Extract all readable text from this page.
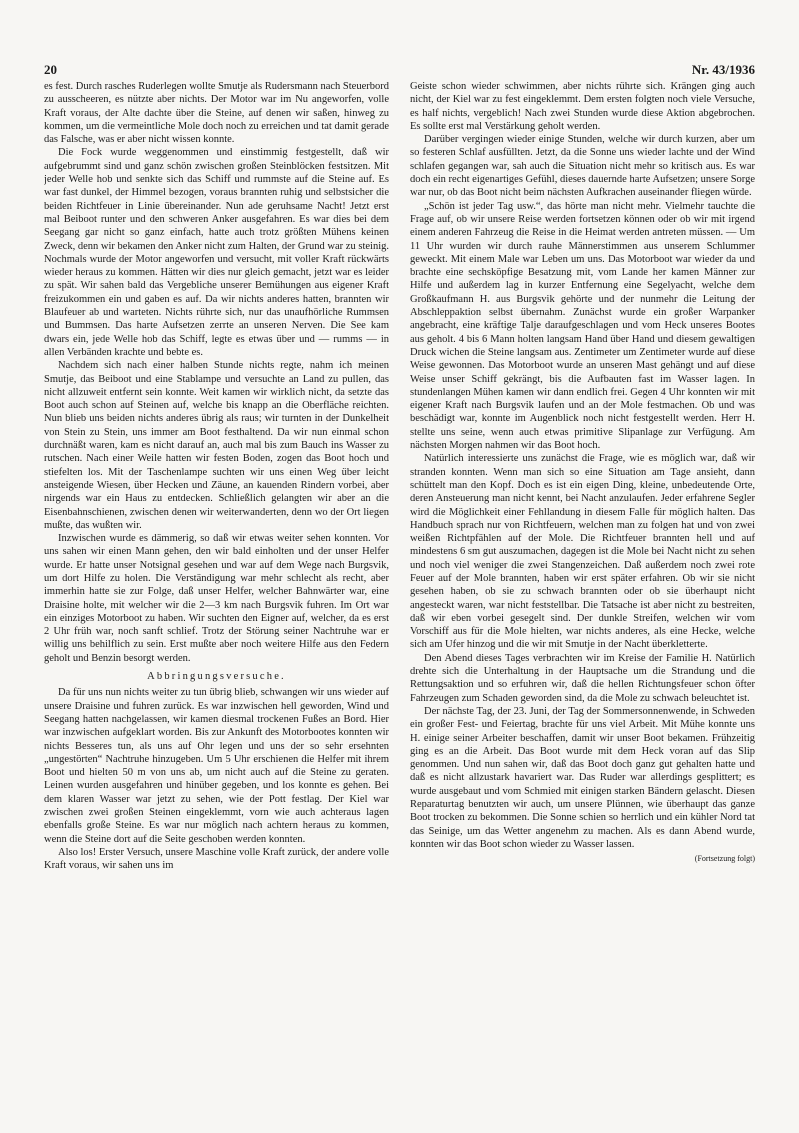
20	Nr. 43/1936

es fest. Durch rasches Ruderlegen wollte Smutje als Rudersmann nach Steuerbord zu ausscheeren, es nützte aber nichts. Der Motor war im Nu angeworfen, volle Kraft voraus, der Alte dachte über die Steine, auf denen wir saßen, hinweg zu kommen, um die vermeintliche Mole doch noch zu erreichen und tat damit gerade das Falsche, was er aber nicht wissen konnte.

Die Fock wurde weggenommen und einstimmig festgestellt, daß wir aufgebrummt sind und ganz schön zwischen großen Steinblöcken festsitzen. Mit jeder Welle hob und senkte sich das Schiff und rummste auf die Steine auf. Es war fast dunkel, der Himmel bezogen, voraus brannten ruhig und selbstsicher die beiden Richtfeuer in Linie übereinander. Nun ade geruhsame Nacht! Jetzt erst mal Beiboot runter und den schweren Anker ausgefahren. Es war dies bei dem Seegang gar nicht so ganz einfach, hatte auch trotz größten Mühens keinen Zweck, denn wir bekamen den Anker nicht zum Halten, der Grund war zu steinig. Nochmals wurde der Motor angeworfen und versucht, mit voller Kraft rückwärts wieder heraus zu kommen. Hätten wir dies nur gleich gemacht, jetzt war es leider zu spät. Wir sahen bald das Vergebliche unserer Bemühungen aus eigener Kraft freizukommen ein und gaben es auf. Da wir nichts anderes hatten, brannten wir Blaufeuer ab und warteten. Nichts rührte sich, nur das unaufhörliche Rummsen und Bummsen. Das harte Aufsetzen zerrte an unseren Nerven. Die See kam dwars ein, jede Welle hob das Schiff, legte es etwas über und — rumms — in allen Verbänden krachte und bebte es.

Nachdem sich nach einer halben Stunde nichts regte, nahm ich meinen Smutje, das Beiboot und eine Stablampe und versuchte an Land zu pullen, das nicht allzuweit entfernt sein konnte. Weit kamen wir wirklich nicht, da setzte das Boot auch schon auf Steinen auf, welche bis knapp an die Oberfläche reichten. Nun blieb uns beiden nichts anderes übrig als raus; wir turnten in der Dunkelheit von Stein zu Stein, uns immer am Boot festhaltend. Da wir nun einmal schon durchnäßt waren, kam es nicht darauf an, auch mal bis zum Bauch ins Wasser zu rutschen. Nach einer Weile hatten wir festen Boden, zogen das Boot hoch und stiefelten los. Mit der Taschenlampe suchten wir uns einen Weg über leicht ansteigende Wiesen, über Hecken und Zäune, an kauenden Rindern vorbei, aber nirgends war ein Haus zu entdecken. Schließlich gelangten wir aber an die Eisenbahnschienen, zwischen denen wir weiterwanderten, denn wo der Ort liegen mußte, das wußten wir.

Inzwischen wurde es dämmerig, so daß wir etwas weiter sehen konnten. Vor uns sahen wir einen Mann gehen, den wir bald einholten und der unser Helfer wurde. Er hatte unser Notsignal gesehen und war auf dem Wege nach Burgsvik, um dort Hilfe zu holen. Die Verständigung war mehr schlecht als recht, aber immerhin hatte sie zur Folge, daß unser Helfer, welcher Bahnwärter war, eine Draisine holte, mit welcher wir die 2—3 km nach Burgsvik fuhren. Im Ort war ein einziges Motorboot zu haben. Wir suchten den Eigner auf, welcher, da es erst 2 Uhr früh war, noch sanft schlief. Trotz der Störung seiner Nachtruhe war er willig uns behilflich zu sein. Erst mußte aber noch weitere Hilfe aus den Federn geholt und Benzin besorgt werden.

Abbringungsversuche.

Da für uns nun nichts weiter zu tun übrig blieb, schwangen wir uns wieder auf unsere Draisine und fuhren zurück. Es war inzwischen hell geworden, Wind und Seegang hatten nachgelassen, wir kamen diesmal trockenen Fußes an Bord. Hier war inzwischen aufgeklart worden. Bis zur Ankunft des Motorbootes konnten wir nichts Besseres tun, als uns auf Ohr legen und uns der so sehr ersehnten „ungestörten“ Nachtruhe hinzugeben. Um 5 Uhr erschienen die Helfer mit ihrem Boot und hielten 50 m von uns ab, um nicht auch auf die Steine zu geraten. Leinen wurden ausgefahren und hinüber gegeben, und los konnte es gehen. Bei dem klaren Wasser war jetzt zu sehen, wie der Pott festlag. Der Kiel war zwischen zwei großen Steinen eingeklemmt, vorn wie auch achteraus lagen ebenfalls große Steine. Es war nur möglich nach achtern heraus zu kommen, wenn die Steine dort auf die Seite geschoben werden konnten.

Also los! Erster Versuch, unsere Maschine volle Kraft zurück, der andere volle Kraft voraus, wir sahen uns im

Geiste schon wieder schwimmen, aber nichts rührte sich. Krängen ging auch nicht, der Kiel war zu fest eingeklemmt. Dem ersten folgten noch viele Versuche, es half nichts, vergeblich! Nach zwei Stunden wurde diese Aktion abgebrochen. Es sollte erst mal Verstärkung geholt werden.

Darüber vergingen wieder einige Stunden, welche wir durch kurzen, aber um so festeren Schlaf ausfüllten. Jetzt, da die Sonne uns wieder lachte und der Wind schlafen gegangen war, sah auch die Situation nicht mehr so kritisch aus. Es war doch ein recht eigenartiges Gefühl, dieses dauernde harte Aufsetzen; unsere Sorge war nur, ob das Boot nicht beim nächsten Aufkrachen auseinander fliegen würde.

„Schön ist jeder Tag usw.“, das hörte man nicht mehr. Vielmehr tauchte die Frage auf, ob wir unsere Reise werden fortsetzen können oder ob wir mit irgend einem anderen Fahrzeug die Reise in die Heimat werden antreten müssen. — Um 11 Uhr wurden wir durch rauhe Männerstimmen aus unserem Schlummer geweckt. Mit einem Male war Leben um uns. Das Motorboot war wieder da und brachte eine sechsköpfige Besatzung mit, vom Lande her kamen Männer zur Hilfe und außerdem lag in kurzer Entfernung eine Segelyacht, welche dem Großkaufmann H. aus Burgsvik gehörte und der nunmehr die Leitung der Abschleppaktion selbst übernahm. Zunächst wurde ein großer Warpanker angebracht, eine kräftige Talje daraufgeschlagen und vom Heck unseres Bootes aus geholt. 4 bis 6 Mann holten langsam Hand über Hand und diesem gewaltigen Druck wichen die Steine langsam aus. Zentimeter um Zentimeter wurde auf diese Weise gewonnen. Das Motorboot wurde an unseren Mast gehängt und auf diese Weise unser Schiff gekrängt, bis die Aufbauten fast im Wasser lagen. In stundenlangen Mühen kamen wir dann endlich frei. Gegen 4 Uhr konnten wir mit eigener Kraft nach Burgsvik laufen und an der Mole festmachen. Ob und was beschädigt war, konnte im Augenblick noch nicht festgestellt werden. Herr H. stellte uns seine, wenn auch etwas primitive Slipanlage zur Verfügung. Am nächsten Morgen nahmen wir das Boot hoch.

Natürlich interessierte uns zunächst die Frage, wie es möglich war, daß wir stranden konnten. Wenn man sich so eine Situation am Tage ansieht, dann schüttelt man den Kopf. Doch es ist ein eigen Ding, kleine, unbedeutende Orte, deren Ansteuerung man nicht kennt, bei Nacht anzulaufen. Jeder erfahrene Segler wird die Möglichkeit einer Fehllandung in diesem Falle für möglich halten. Das Handbuch sprach nur von Richtfeuern, welchen man zu folgen hat und von zwei weißen Richtpfählen auf der Mole. Die Richtfeuer brannten hell und auf mindestens 6 sm gut auszumachen, dagegen ist die Mole bei Nacht nicht zu sehen und noch viel weniger die zwei Stangenzeichen. Daß außerdem noch zwei rote Feuer auf der Mole brannten, haben wir erst später erfahren. Ob wir sie nicht gesehen haben, ob sie zu schwach brannten oder ob sie überhaupt nicht angesteckt waren, war nicht feststellbar. Die Tatsache ist aber nicht zu bestreiten, daß wir eben vorbei gesegelt sind. Der dunkle Streifen, welchen wir vom Vorschiff aus für die Mole hielten, war nichts anderes, als eine Hecke, welche sich am Ufer hinzog und die wir mit Smutje in der Nacht überkletterte.

Den Abend dieses Tages verbrachten wir im Kreise der Familie H. Natürlich drehte sich die Unterhaltung in der Hauptsache um die Strandung und die Rettungsaktion und so erfuhren wir, daß die hellen Richtungsfeuer schon öfter Fahrzeugen zum Schaden geworden sind, da die Mole zu schwach beleuchtet ist.

Der nächste Tag, der 23. Juni, der Tag der Sommersonnenwende, in Schweden ein großer Fest- und Feiertag, brachte für uns viel Arbeit. Mit Mühe konnte uns H. einige seiner Arbeiter beschaffen, damit wir unser Boot bekamen. Frühzeitig ging es an die Arbeit. Das Boot wurde mit dem Heck voran auf das Slip genommen. Und nun sahen wir, daß das Boot doch ganz gut gehalten hatte und daß es nicht allzustark havariert war. Das Ruder war allerdings gesplittert; es wurde ausgebaut und vom Schmied mit einigen starken Bändern gelascht. Diesen Reparaturtag benutzten wir auch, um unsere Plünnen, wie überhaupt das ganze Boot trocken zu bekommen. Die Sonne schien so herrlich und ein kühler Nord tat das Seinige, um das Wetter angenehm zu machen. Als es dann Abend wurde, konnten wir das Boot schon wieder zu Wasser lassen.

(Fortsetzung folgt)
